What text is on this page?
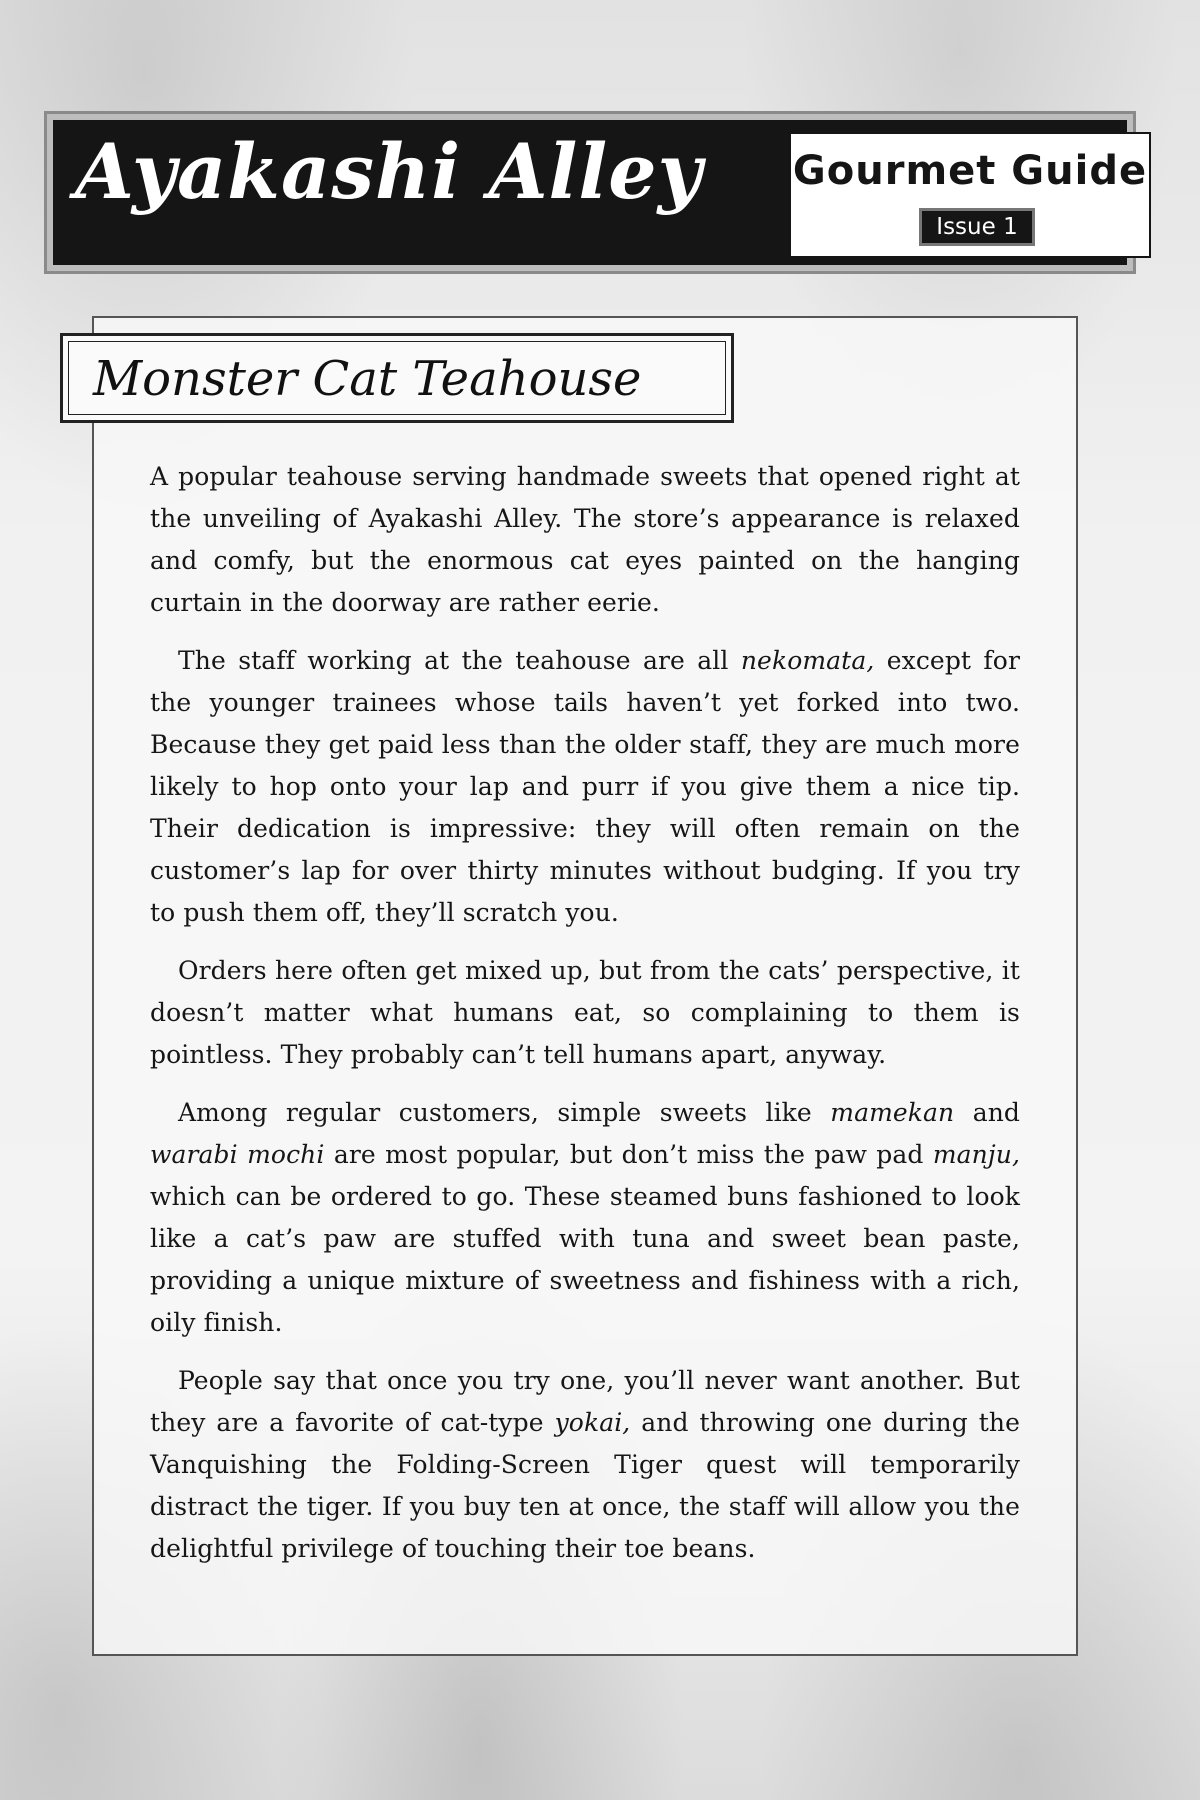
Ayakashi Alley Gourmet Guide
Issue 1
Monster Cat Teahouse

A popular teahouse serving handmade sweets that opened right at the unveiling of Ayakashi Alley. The store’s appearance is relaxed and comfy, but the enormous cat eyes painted on the hanging curtain in the doorway are rather eerie.

The staff working at the teahouse are all nekomata, except for the younger trainees whose tails haven’t yet forked into two. Because they get paid less than the older staff, they are much more likely to hop onto your lap and purr if you give them a nice tip. Their dedication is impressive: they will often remain on the customer’s lap for over thirty minutes without budging. If you try to push them off, they’ll scratch you.

Orders here often get mixed up, but from the cats’ perspective, it doesn’t matter what humans eat, so complaining to them is pointless. They probably can’t tell humans apart, anyway.

Among regular customers, simple sweets like mamekan and warabi mochi are most popular, but don’t miss the paw pad manju, which can be ordered to go. These steamed buns fashioned to look like a cat’s paw are stuffed with tuna and sweet bean paste, providing a unique mixture of sweetness and fishiness with a rich, oily finish.

People say that once you try one, you’ll never want another. But they are a favorite of cat-type yokai, and throwing one during the Vanquishing the Folding-Screen Tiger quest will temporarily distract the tiger. If you buy ten at once, the staff will allow you the delightful privilege of touching their toe beans.
